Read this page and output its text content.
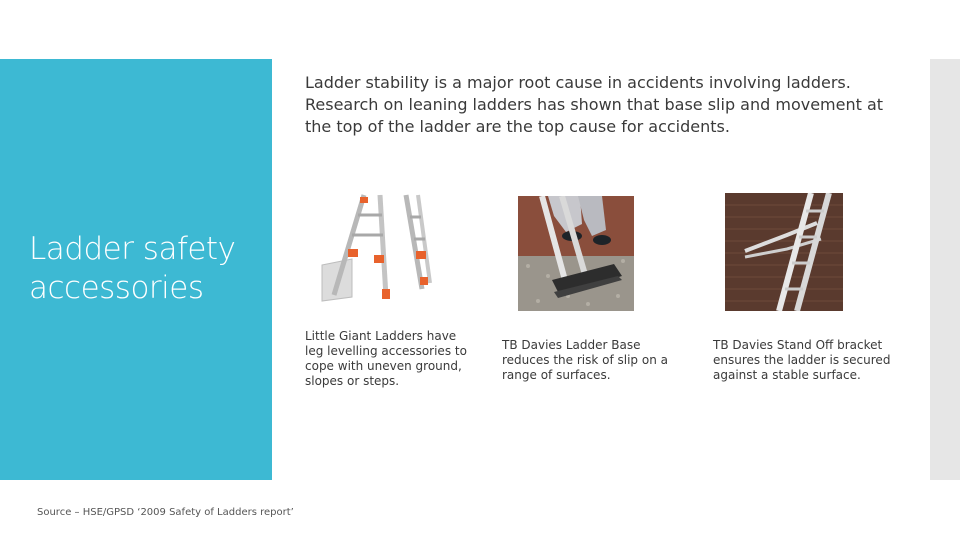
Ladder safety accessories
Ladder stability is a major root cause in accidents involving ladders. Research on leaning ladders has shown that base slip and movement at the top of the ladder are the top cause for accidents.
Little Giant Ladders have leg levelling accessories to cope with uneven ground, slopes or steps.
TB Davies Ladder Base reduces the risk of slip on a range of surfaces.
TB Davies Stand Off bracket ensures the ladder is secured against a stable surface.
Source – HSE/GPSD ‘2009 Safety of Ladders report’
